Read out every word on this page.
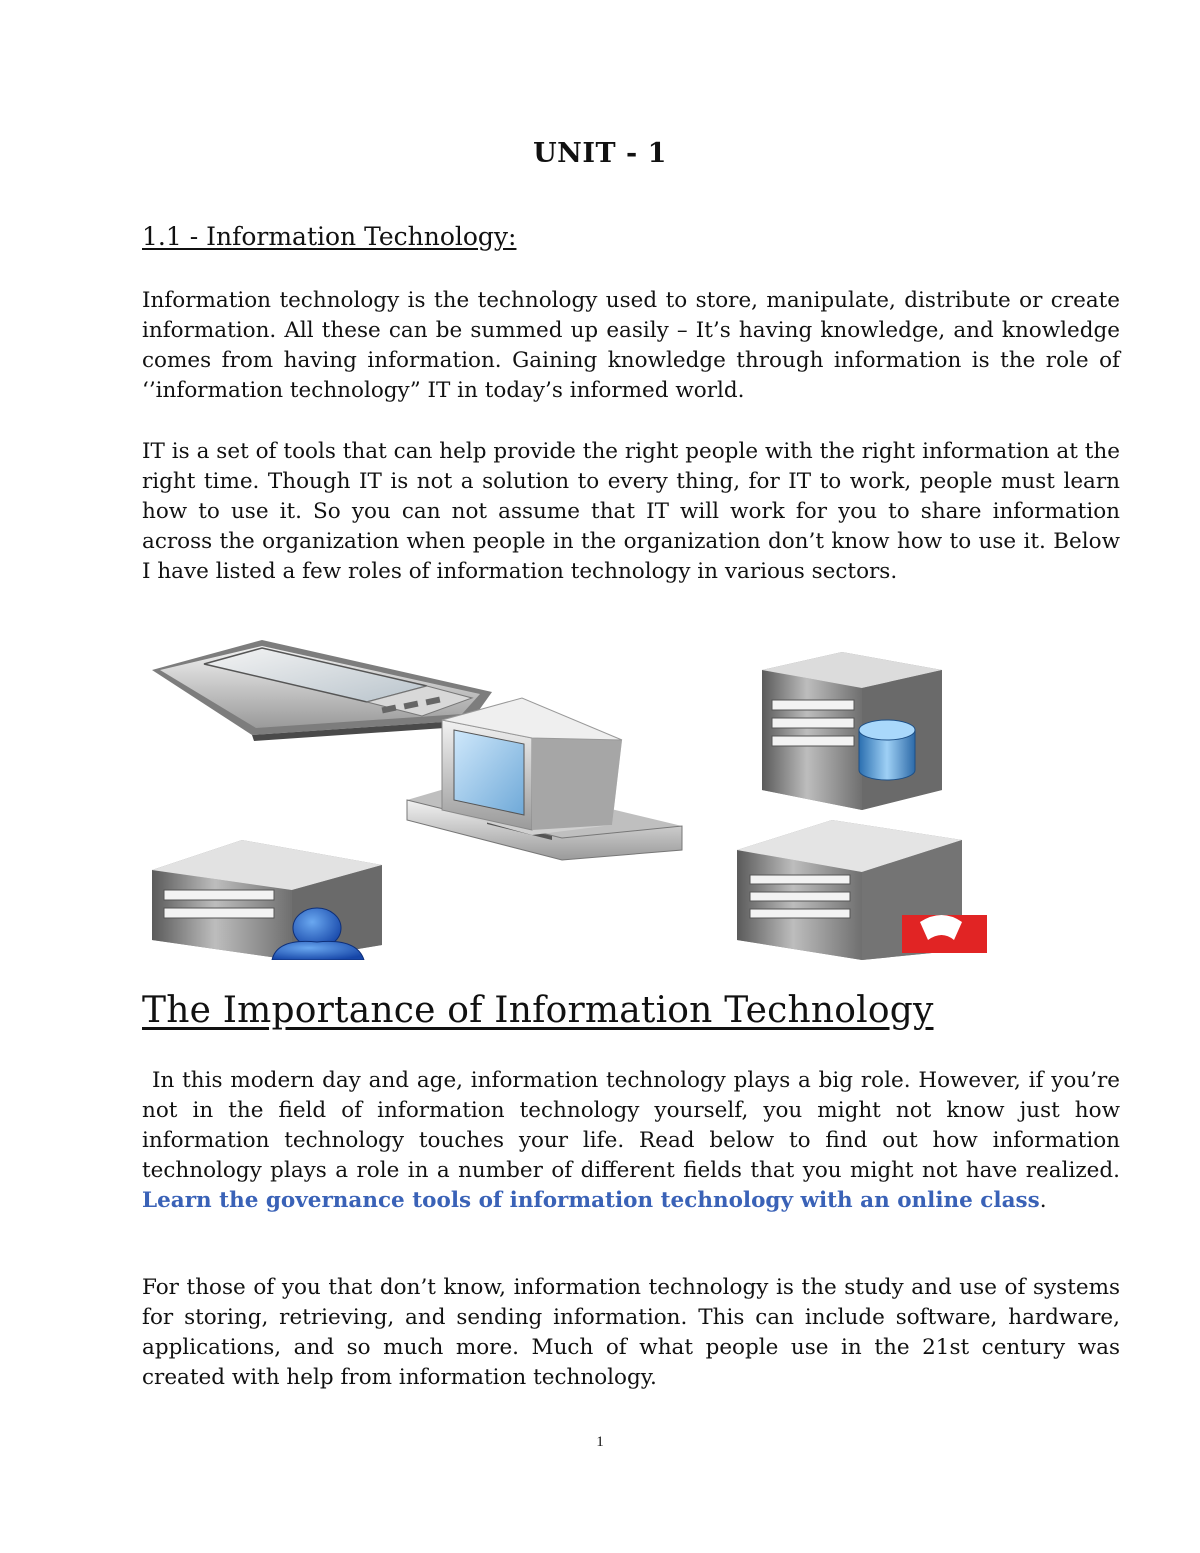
UNIT - 1
1.1 - Information Technology:

Information technology is the technology used to store, manipulate, distribute or create information. All these can be summed up easily – It’s having knowledge, and knowledge comes from having information. Gaining knowledge through information is the role of ‘’information technology” IT in today’s informed world.

IT is a set of tools that can help provide the right people with the right information at the right time. Though IT is not a solution to every thing, for IT to work, people must learn how to use it. So you can not assume that IT will work for you to share information across the organization when people in the organization don’t know how to use it. Below I have listed a few roles of information technology in various sectors.

The Importance of Information Technology

In this modern day and age, information technology plays a big role. However, if you’re not in the field of information technology yourself, you might not know just how information technology touches your life. Read below to find out how information technology plays a role in a number of different fields that you might not have realized. Learn the governance tools of information technology with an online class.

For those of you that don’t know, information technology is the study and use of systems for storing, retrieving, and sending information. This can include software, hardware, applications, and so much more. Much of what people use in the 21st century was created with help from information technology.

1
